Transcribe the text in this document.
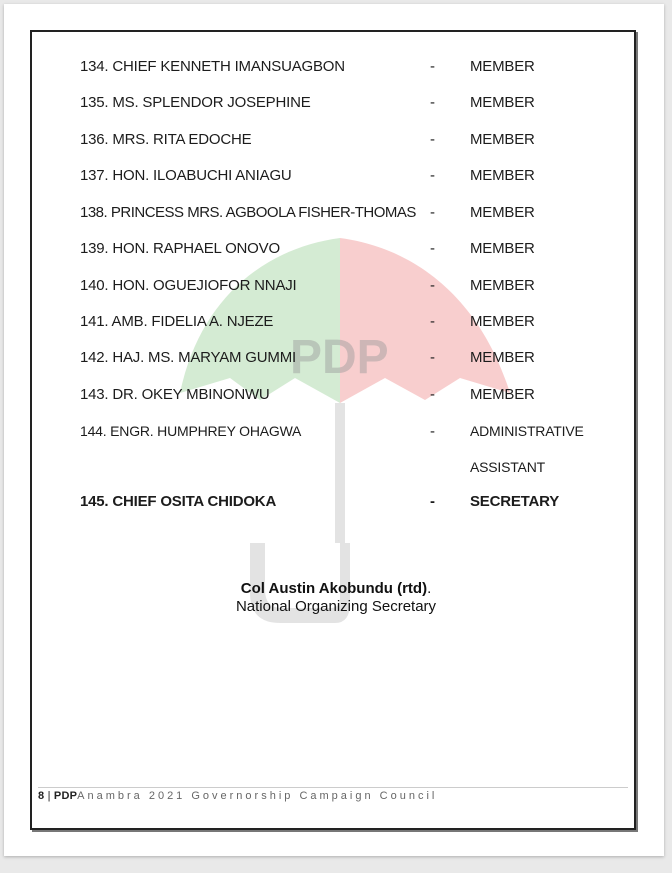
PDP
134. CHIEF KENNETH IMANSUAGBON	- MEMBER
135. MS. SPLENDOR JOSEPHINE	- MEMBER
136. MRS. RITA EDOCHE	- MEMBER
137. HON. ILOABUCHI ANIAGU	- MEMBER
138. PRINCESS MRS. AGBOOLA FISHER-THOMAS - MEMBER
139. HON. RAPHAEL ONOVO	- MEMBER
140. HON. OGUEJIOFOR NNAJI	- MEMBER
141. AMB. FIDELIA A. NJEZE	- MEMBER
142. HAJ. MS. MARYAM GUMMI	- MEMBER
143. DR. OKEY MBINONWU	- MEMBER
144. ENGR. HUMPHREY OHAGWA	-	ADMINISTRATIVE
ASSISTANT
145. CHIEF OSITA CHIDOKA	- SECRETARY
Col Austin Akobundu (rtd).
National Organizing Secretary
8 | PDPAnambra 2021 Governorship Campaign Council
